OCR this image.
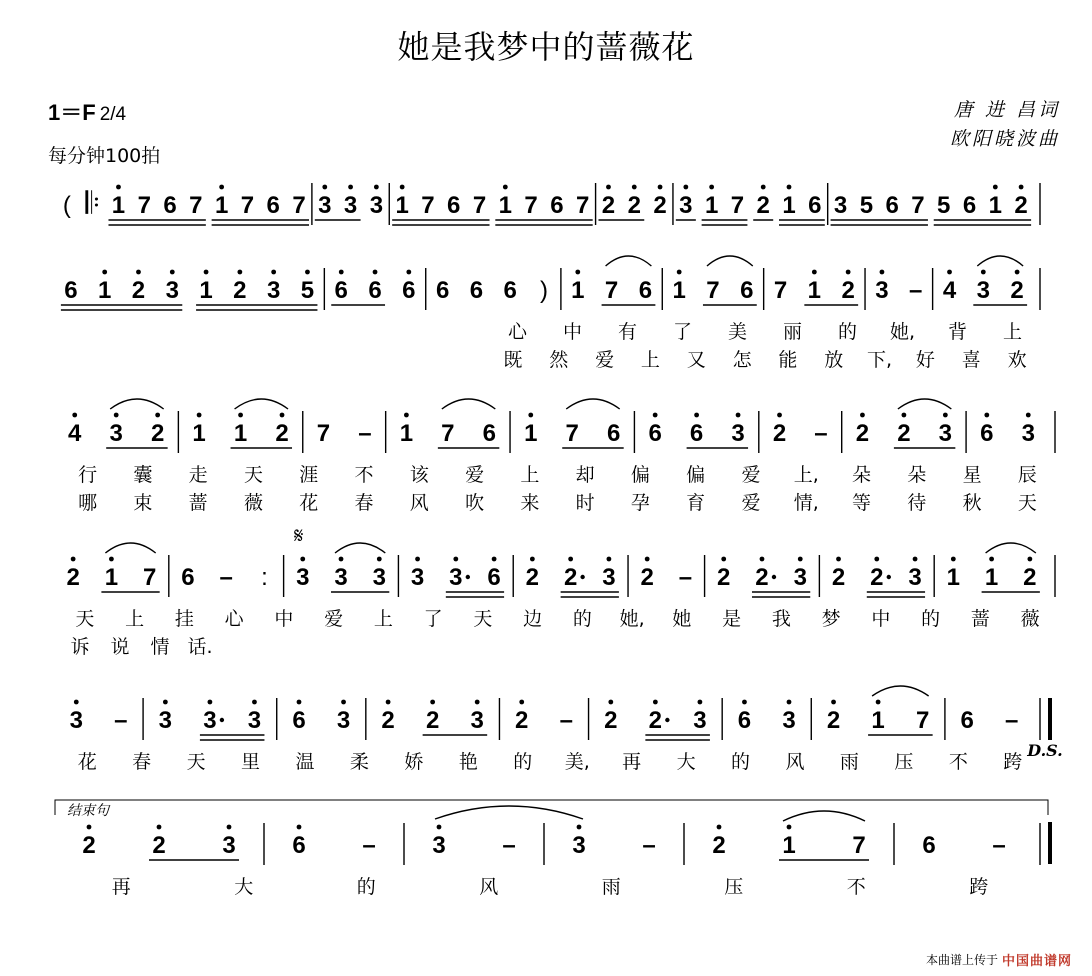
她是我梦中的蔷薇花
1＝F 2/4
每分钟100拍
唐 进 昌词
欧阳晓波曲
( 𝄆 1 7 6 7 1 7 6 7 3 3 3 1 7 6 7 1 7 6 7 2 2 2 3 1 7 2 1 6 3 5 6 7 5 6 1 2
6 1 2 3 1 2 3 5 6 6 6 6 6 6 ) 1 7 6 1 7 6 7 1 2 3 – 4 3 2
心 中 有 了 美 丽 的 她, 背 上
既 然 爱 上 又 怎 能 放 下, 好 喜 欢
4 3 2 1 1 2 7 – 1 7 6 1 7 6 6 6 3 2 – 2 2 3 6 3
行 囊 走 天 涯 不 该 爱 上 却 偏 偏 爱 上, 朵 朵 星 辰
哪 束 蔷 薇 花 春 风 吹 来 时 孕 育 爱 情, 等 待 秋 天
2 1 7 6 – : 3
𝄋
3 3 3 3 6 2 2 3 2 – 2 2 3 2 2 3 1 1 2
天 上 挂 心 中 爱 上 了 天 边 的 她, 她 是 我 梦 中 的 蔷 薇
诉 说 情 话.
3 – 3 3 3 6 3 2 2 3 2 – 2 2 3 6 3 2 1 7 6 –
花 春 天 里 温 柔 娇 艳 的 美, 再 大 的 风 雨 压 不 跨
2 2 3 6 – 3 – 3 – 2 1 7 6 –
再	大	的	风	雨	压	不	跨
D.S.
结束句
本曲谱上传于 中国曲谱网
